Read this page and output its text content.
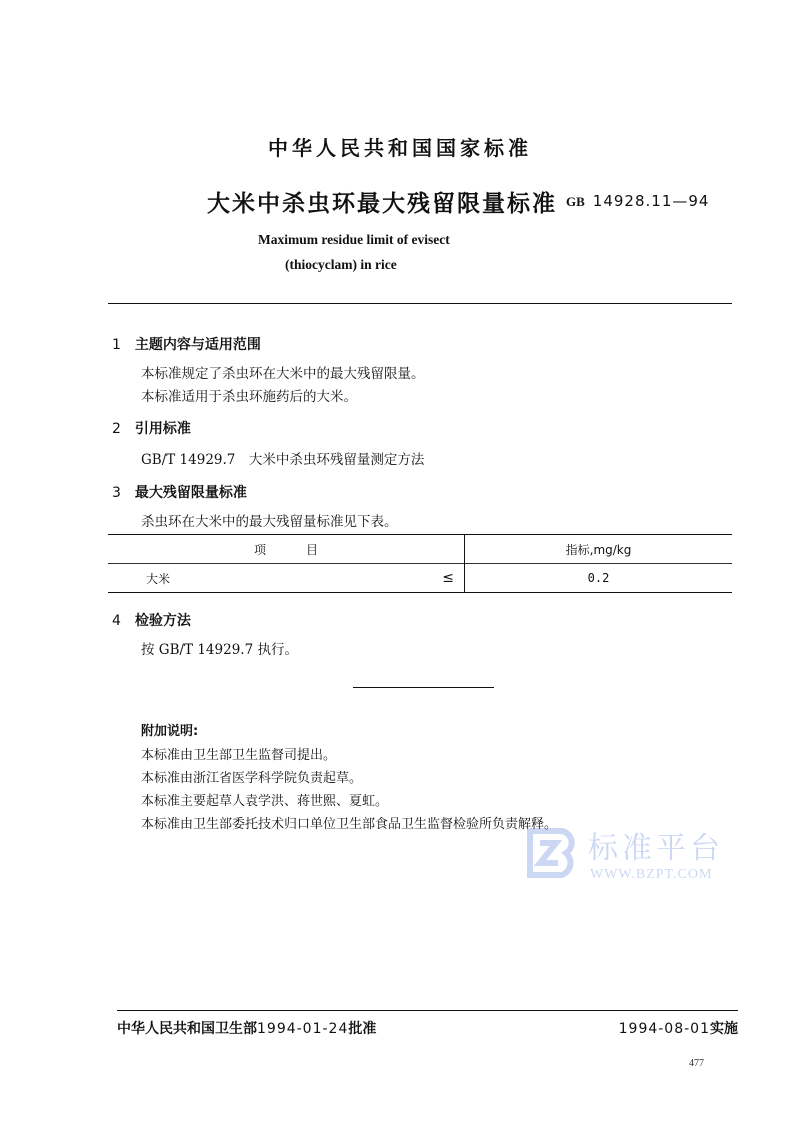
中华人民共和国国家标准
大米中杀虫环最大残留限量标准 GB 14928.11—94
Maximum residue limit of evisect
(thiocyclam) in rice
1 主题内容与适用范围
本标准规定了杀虫环在大米中的最大残留限量。
本标准适用于杀虫环施药后的大米。
2 引用标准
GB/T 14929.7　大米中杀虫环残留量测定方法
3 最大残留限量标准
杀虫环在大米中的最大残留量标准见下表。
项目	指标,mg/kg
大米 ≤	0.2
4 检验方法
按 GB/T 14929.7 执行。
附加说明:
本标准由卫生部卫生监督司提出。
本标准由浙江省医学科学院负责起草。
本标准主要起草人袁学洪、蒋世熙、夏虹。
本标准由卫生部委托技术归口单位卫生部食品卫生监督检验所负责解释。
标准平台
WWW.BZPT.COM
中华人民共和国卫生部1994-01-24批准	1994-08-01实施
477
